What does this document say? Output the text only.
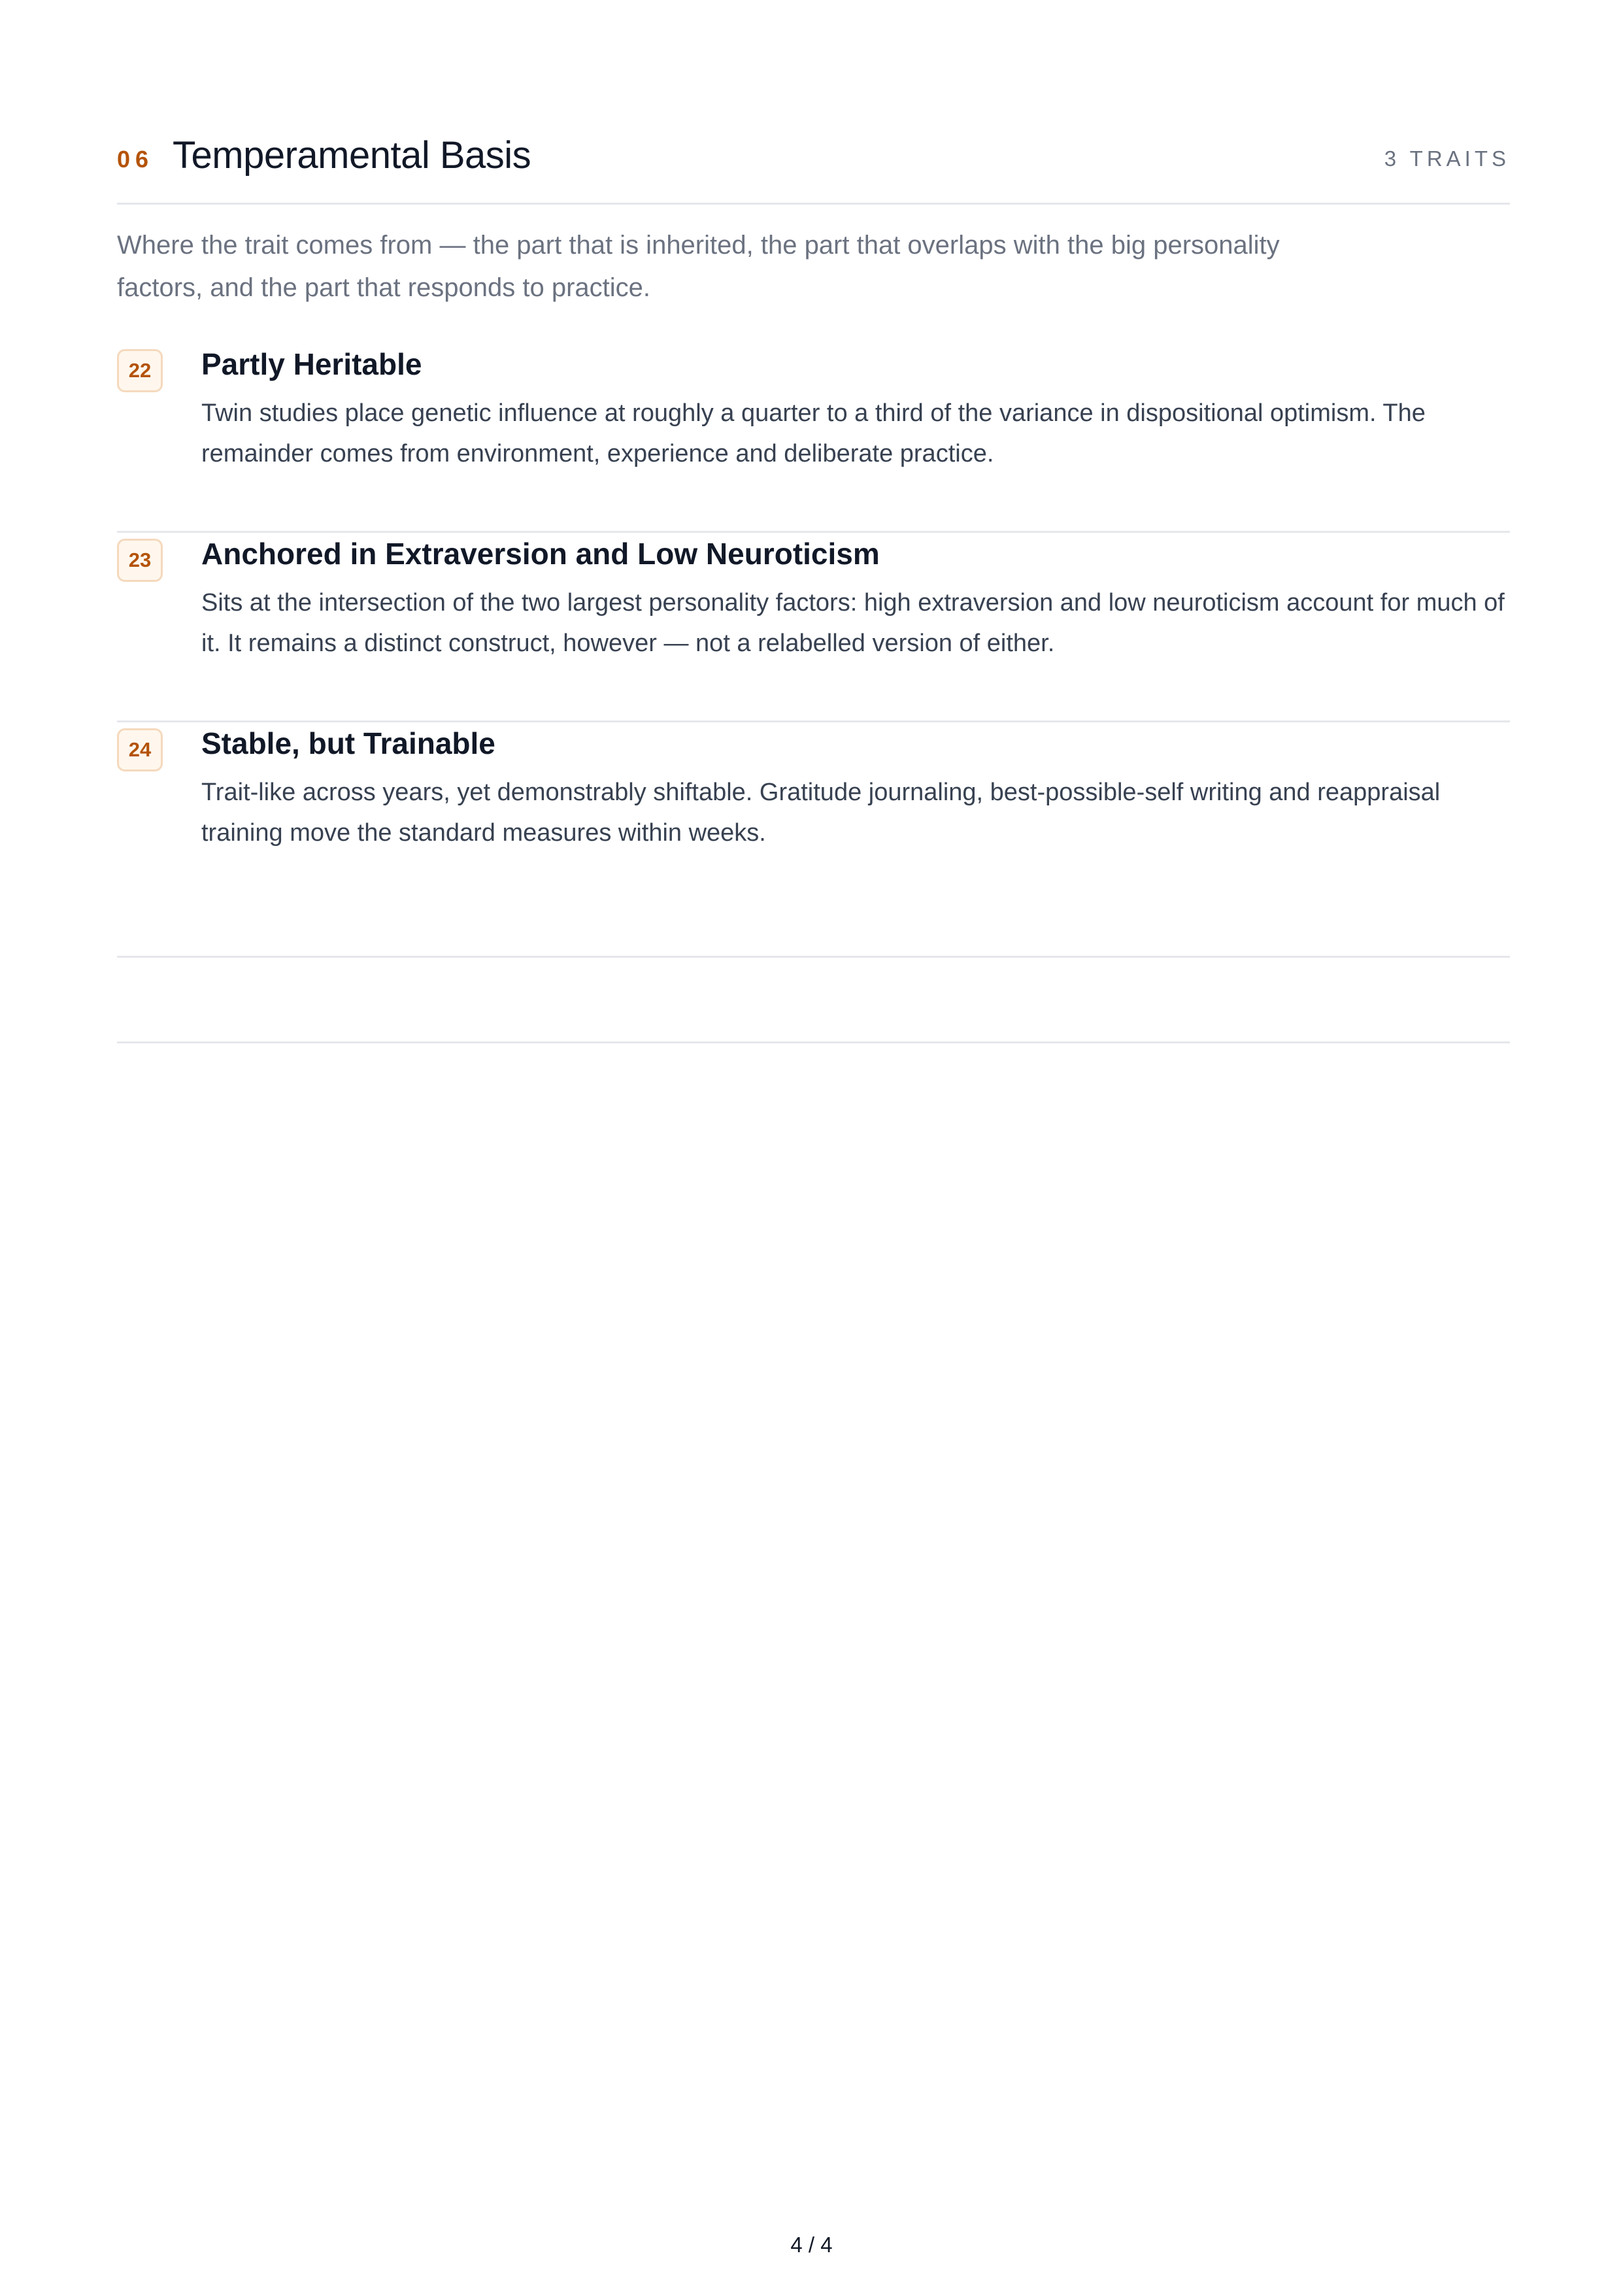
06 Temperamental Basis	3 TRAITS
Where the trait comes from — the part that is inherited, the part that overlaps with the big personality factors, and the part that responds to practice.
22	Partly Heritable
Twin studies place genetic influence at roughly a quarter to a third of the variance in dispositional optimism. The remainder comes from environment, experience and deliberate practice.
23	Anchored in Extraversion and Low Neuroticism
Sits at the intersection of the two largest personality factors: high extraversion and low neuroticism account for much of it. It remains a distinct construct, however — not a relabelled version of either.
24	Stable, but Trainable
Trait-like across years, yet demonstrably shiftable. Gratitude journaling, best-possible-self writing and reappraisal training move the standard measures within weeks.
4 / 4
